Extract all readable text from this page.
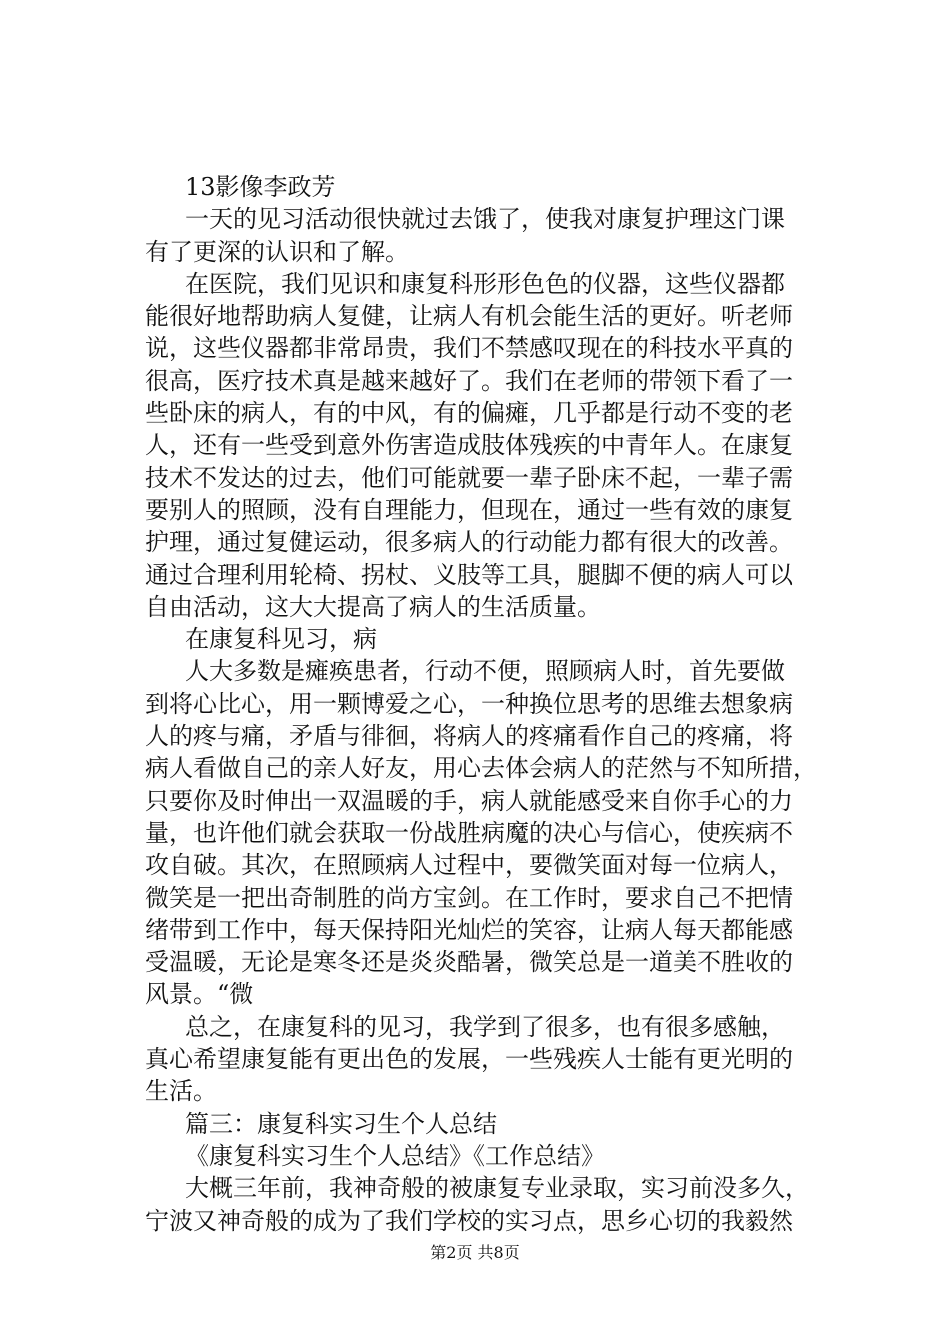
13影像李政芳
一天的见习活动很快就过去饿了，使我对康复护理这门课
有了更深的认识和了解。
在医院，我们见识和康复科形形色色的仪器，这些仪器都
能很好地帮助病人复健，让病人有机会能生活的更好。听老师
说，这些仪器都非常昂贵，我们不禁感叹现在的科技水平真的
很高，医疗技术真是越来越好了。我们在老师的带领下看了一
些卧床的病人，有的中风，有的偏瘫，几乎都是行动不变的老
人，还有一些受到意外伤害造成肢体残疾的中青年人。在康复
技术不发达的过去，他们可能就要一辈子卧床不起，一辈子需
要别人的照顾，没有自理能力，但现在，通过一些有效的康复
护理，通过复健运动，很多病人的行动能力都有很大的改善。
通过合理利用轮椅、拐杖、义肢等工具，腿脚不便的病人可以
自由活动，这大大提高了病人的生活质量。
在康复科见习，病
人大多数是瘫痪患者，行动不便，照顾病人时，首先要做
到将心比心，用一颗博爱之心，一种换位思考的思维去想象病
人的疼与痛，矛盾与徘徊，将病人的疼痛看作自己的疼痛，将
病人看做自己的亲人好友，用心去体会病人的茫然与不知所措，
只要你及时伸出一双温暖的手，病人就能感受来自你手心的力
量，也许他们就会获取一份战胜病魔的决心与信心，使疾病不
攻自破。其次，在照顾病人过程中，要微笑面对每一位病人，
微笑是一把出奇制胜的尚方宝剑。在工作时，要求自己不把情
绪带到工作中，每天保持阳光灿烂的笑容，让病人每天都能感
受温暖，无论是寒冬还是炎炎酷暑，微笑总是一道美不胜收的
风景。“微
总之，在康复科的见习，我学到了很多，也有很多感触，
真心希望康复能有更出色的发展，一些残疾人士能有更光明的
生活。
篇三：康复科实习生个人总结
《康复科实习生个人总结》《工作总结》
大概三年前，我神奇般的被康复专业录取，实习前没多久，
宁波又神奇般的成为了我们学校的实习点，思乡心切的我毅然
第2页 共8页
